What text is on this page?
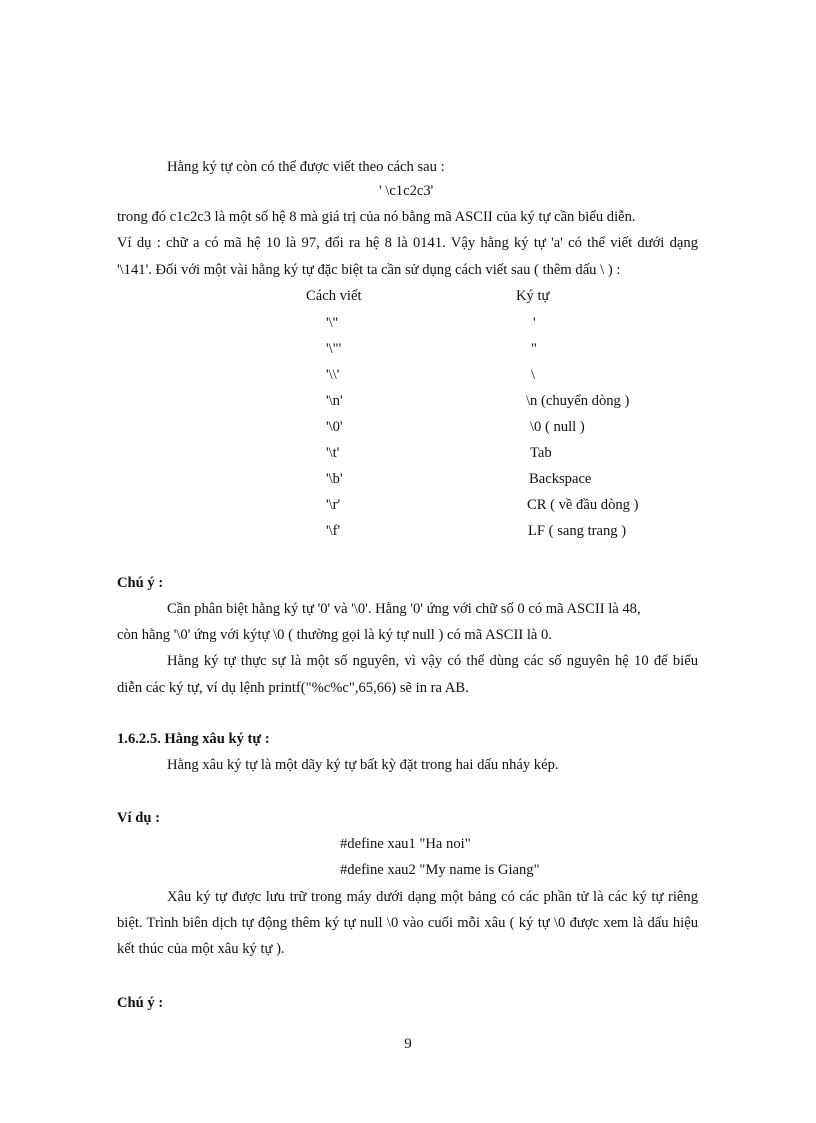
Hằng ký tự còn có thể được viết theo cách sau :
' \c1c2c3'
trong đó c1c2c3 là một số hệ 8 mà giá trị của nó bằng mã ASCII của ký tự cần biểu diễn.
Ví dụ : chữ a có mã hệ 10 là 97, đổi ra hệ 8 là 0141. Vậy hằng ký tự 'a' có thể viết dưới dạng
'\141'. Đối với một vài hằng ký tự đặc biệt ta cần sử dụng cách viết sau ( thêm dấu \ ) :
Cách viết	Ký tự
'\''	'
'\"'	"
'\\'	\
'\n'	\n (chuyển dòng )
'\0'	\0 ( null )
'\t'	Tab
'\b'	Backspace
'\r'	CR ( về đầu dòng )
'\f'	LF ( sang trang )
Chú ý :
Cần phân biệt hằng ký tự '0' và '\0'. Hằng '0' ứng với chữ số 0 có mã ASCII là 48,
còn hằng '\0' ứng với kýtự \0 ( thường gọi là ký tự null ) có mã ASCII là 0.
Hằng ký tự thực sự là một số nguyên, vì vậy có thể dùng các số nguyên hệ 10 để biểu
diễn các ký tự, ví dụ lệnh printf("%c%c",65,66) sẽ in ra AB.
1.6.2.5. Hằng xâu ký tự :
Hằng xâu ký tự là một dãy ký tự bất kỳ đặt trong hai dấu nháy kép.
Ví dụ :
#define xau1 "Ha noi"
#define xau2 "My name is Giang"
Xâu ký tự được lưu trữ trong máy dưới dạng một bảng có các phần tử là các ký tự riêng
biệt. Trình biên dịch tự động thêm ký tự null \0 vào cuối mỗi xâu ( ký tự \0 được xem là dấu hiệu
kết thúc của một xâu ký tự ).
Chú ý :
9
